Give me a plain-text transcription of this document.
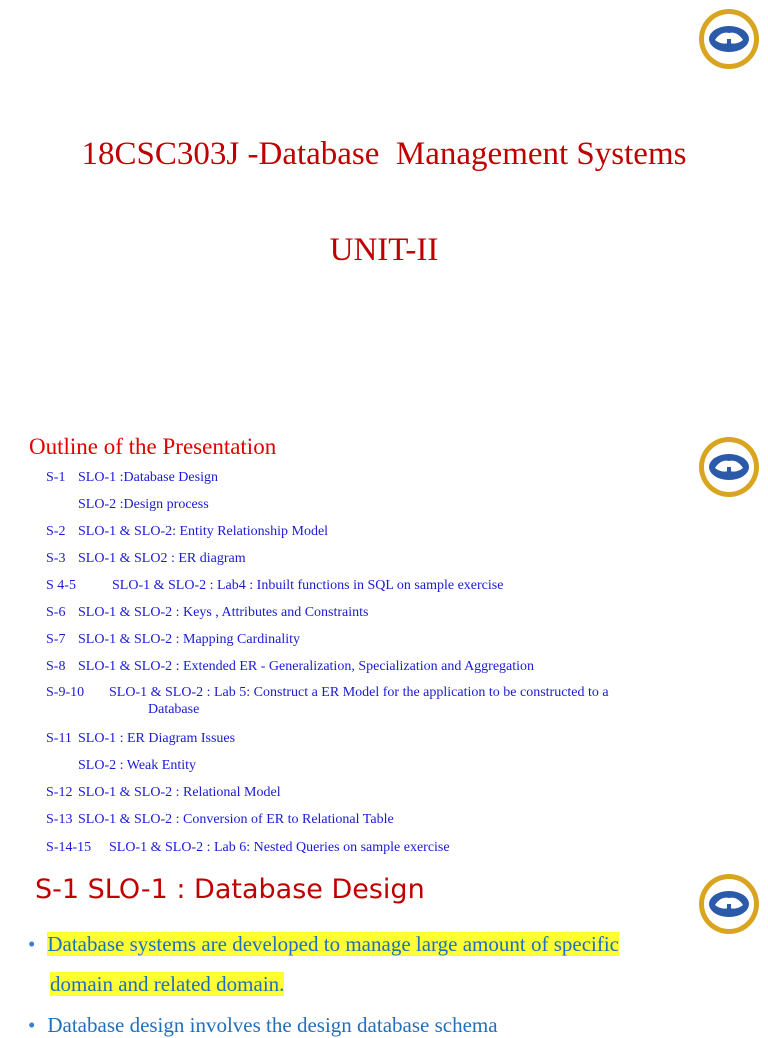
18CSC303J -Database  Management Systems
UNIT-II
Outline of the Presentation
S-1 SLO-1 :Database Design
SLO-2 :Design process
S-2 SLO-1 & SLO-2: Entity Relationship Model
S-3 SLO-1 & SLO2 : ER diagram
S 4-5	SLO-1 & SLO-2 : Lab4 : Inbuilt functions in SQL on sample exercise
S-6 SLO-1 & SLO-2 : Keys , Attributes and Constraints
S-7 SLO-1 & SLO-2 : Mapping Cardinality
S-8 SLO-1 & SLO-2 : Extended ER - Generalization, Specialization and Aggregation
S-9-10 SLO-1 & SLO-2 : Lab 5: Construct a ER Model for the application to be constructed to a
Database
S-11 SLO-1 : ER Diagram Issues
SLO-2 : Weak Entity
S-12 SLO-1 & SLO-2 : Relational Model
S-13 SLO-1 & SLO-2 : Conversion of ER to Relational Table
S-14-15 SLO-1 & SLO-2 : Lab 6: Nested Queries on sample exercise
S-1 SLO-1 : Database Design
• Database systems are developed to manage large amount of specific
domain and related domain.
• Database design involves the design database schema
